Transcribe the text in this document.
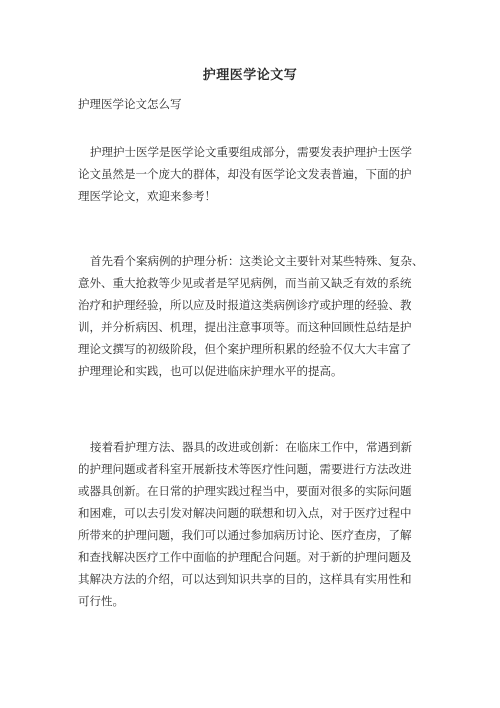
护理医学论文写
护理医学论文怎么写
护理护士医学是医学论文重要组成部分，需要发表护理护士医学
论文虽然是一个庞大的群体，却没有医学论文发表普遍，下面的护
理医学论文，欢迎来参考！
首先看个案病例的护理分析：这类论文主要针对某些特殊、复杂、
意外、重大抢救等少见或者是罕见病例，而当前又缺乏有效的系统
治疗和护理经验，所以应及时报道这类病例诊疗或护理的经验、教
训，并分析病因、机理，提出注意事项等。而这种回顾性总结是护
理论文撰写的初级阶段，但个案护理所积累的经验不仅大大丰富了
护理理论和实践，也可以促进临床护理水平的提高。
接着看护理方法、器具的改进或创新：在临床工作中，常遇到新
的护理问题或者科室开展新技术等医疗性问题，需要进行方法改进
或器具创新。在日常的护理实践过程当中，要面对很多的实际问题
和困难，可以去引发对解决问题的联想和切入点，对于医疗过程中
所带来的护理问题，我们可以通过参加病历讨论、医疗查房，了解
和查找解决医疗工作中面临的护理配合问题。对于新的护理问题及
其解决方法的介绍，可以达到知识共享的目的，这样具有实用性和
可行性。
